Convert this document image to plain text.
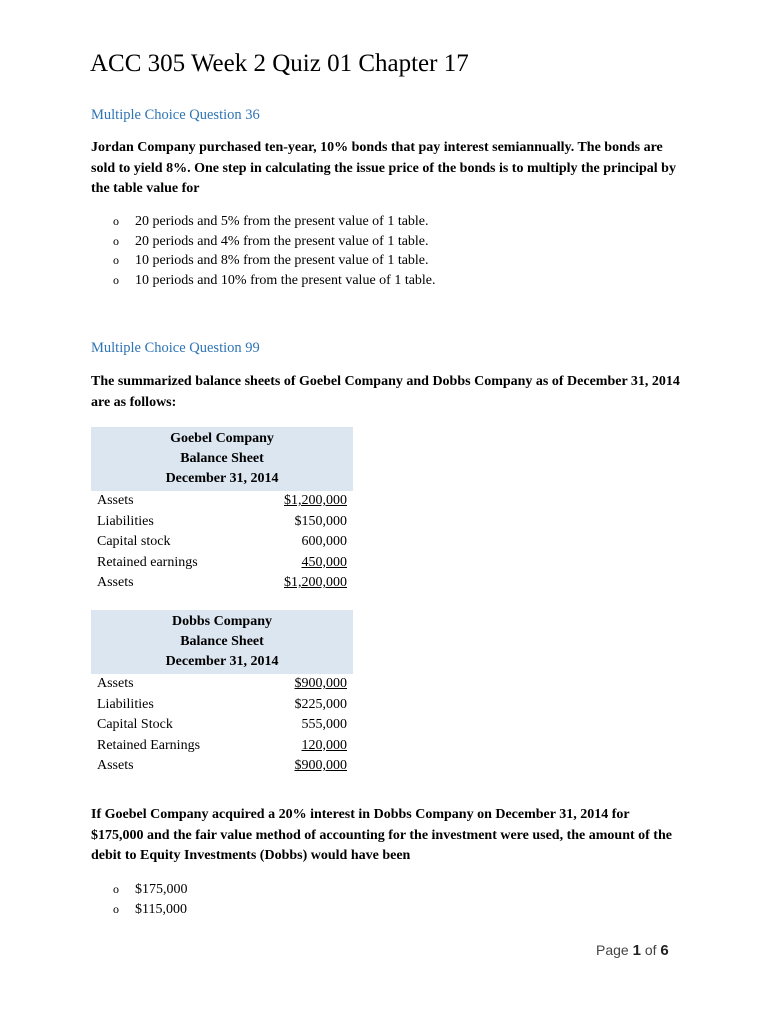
ACC 305 Week 2 Quiz 01 Chapter 17

Multiple Choice Question 36

Jordan Company purchased ten-year, 10% bonds that pay interest semiannually. The bonds are sold to yield 8%. One step in calculating the issue price of the bonds is to multiply the principal by the table value for

o	20 periods and 5% from the present value of 1 table.
o	20 periods and 4% from the present value of 1 table.
o	10 periods and 8% from the present value of 1 table.
o	10 periods and 10% from the present value of 1 table.

Multiple Choice Question 99

The summarized balance sheets of Goebel Company and Dobbs Company as of December 31, 2014 are as follows:

Goebel Company	
Balance Sheet	
December 31, 2014	
Assets	$1,200,000
Liabilities	$150,000
Capital stock	600,000
Retained earnings	450,000
Assets	$1,200,000
Dobbs Company	
Balance Sheet	
December 31, 2014	
Assets	$900,000
Liabilities	$225,000
Capital Stock	555,000
Retained Earnings	120,000
Assets	$900,000

If Goebel Company acquired a 20% interest in Dobbs Company on December 31, 2014 for $175,000 and the fair value method of accounting for the investment were used, the amount of the debit to Equity Investments (Dobbs) would have been

o	$175,000
o	$115,000
Page 1 of 6
